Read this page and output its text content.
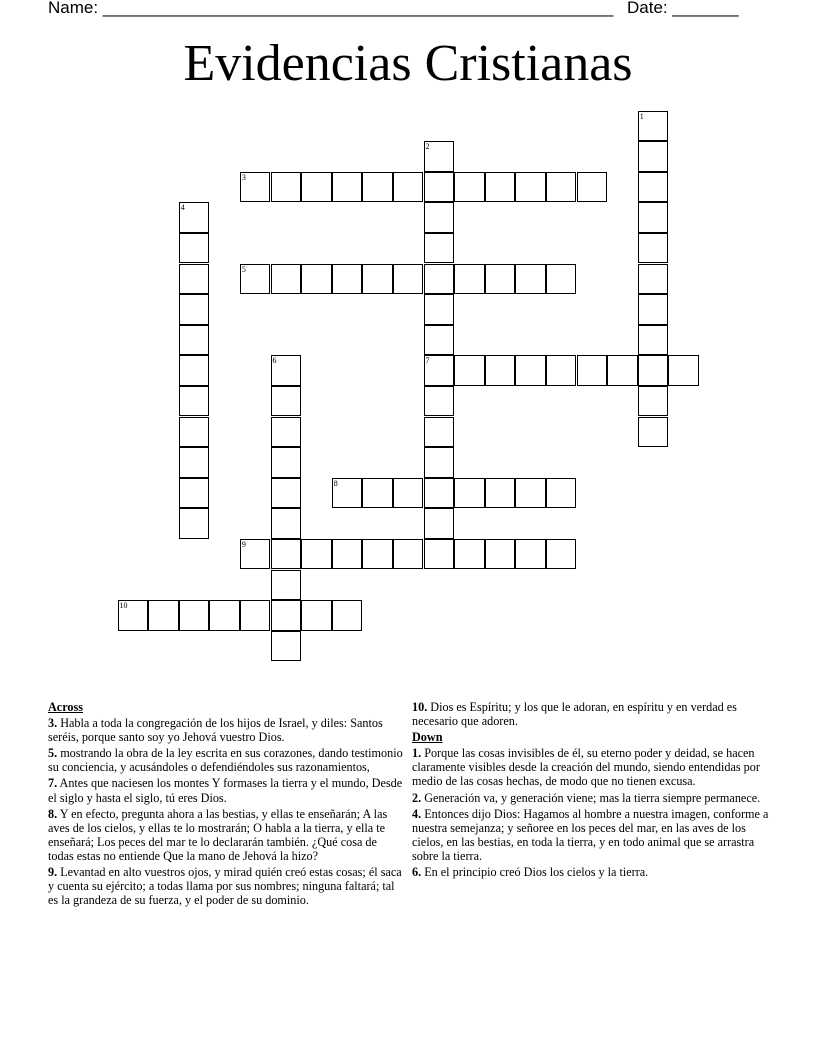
Name: ______________________________________________________ Date: _______
Evidencias Cristianas
1
2
7
3
4
5
6
8
9
10
Across
3. Habla a toda la congregación de los hijos de Israel, y diles: Santos seréis, porque santo soy yo Jehová vuestro Dios.
5. mostrando la obra de la ley escrita en sus corazones, dando testimonio su conciencia, y acusándoles o defendiéndoles sus razonamientos,
7. Antes que naciesen los montes Y formases la tierra y el mundo, Desde el siglo y hasta el siglo, tú eres Dios.
8. Y en efecto, pregunta ahora a las bestias, y ellas te enseñarán; A las aves de los cielos, y ellas te lo mostrarán; O habla a la tierra, y ella te enseñará; Los peces del mar te lo declararán también. ¿Qué cosa de todas estas no entiende Que la mano de Jehová la hizo?
9. Levantad en alto vuestros ojos, y mirad quién creó estas cosas; él saca y cuenta su ejército; a todas llama por sus nombres; ninguna faltará; tal es la grandeza de su fuerza, y el poder de su dominio.
10. Dios es Espíritu; y los que le adoran, en espíritu y en verdad es necesario que adoren.
Down
1. Porque las cosas invisibles de él, su eterno poder y deidad, se hacen claramente visibles desde la creación del mundo, siendo entendidas por medio de las cosas hechas, de modo que no tienen excusa.
2. Generación va, y generación viene; mas la tierra siempre permanece.
4. Entonces dijo Dios: Hagamos al hombre a nuestra imagen, conforme a nuestra semejanza; y señoree en los peces del mar, en las aves de los cielos, en las bestias, en toda la tierra, y en todo animal que se arrastra sobre la tierra.
6. En el principio creó Dios los cielos y la tierra.
